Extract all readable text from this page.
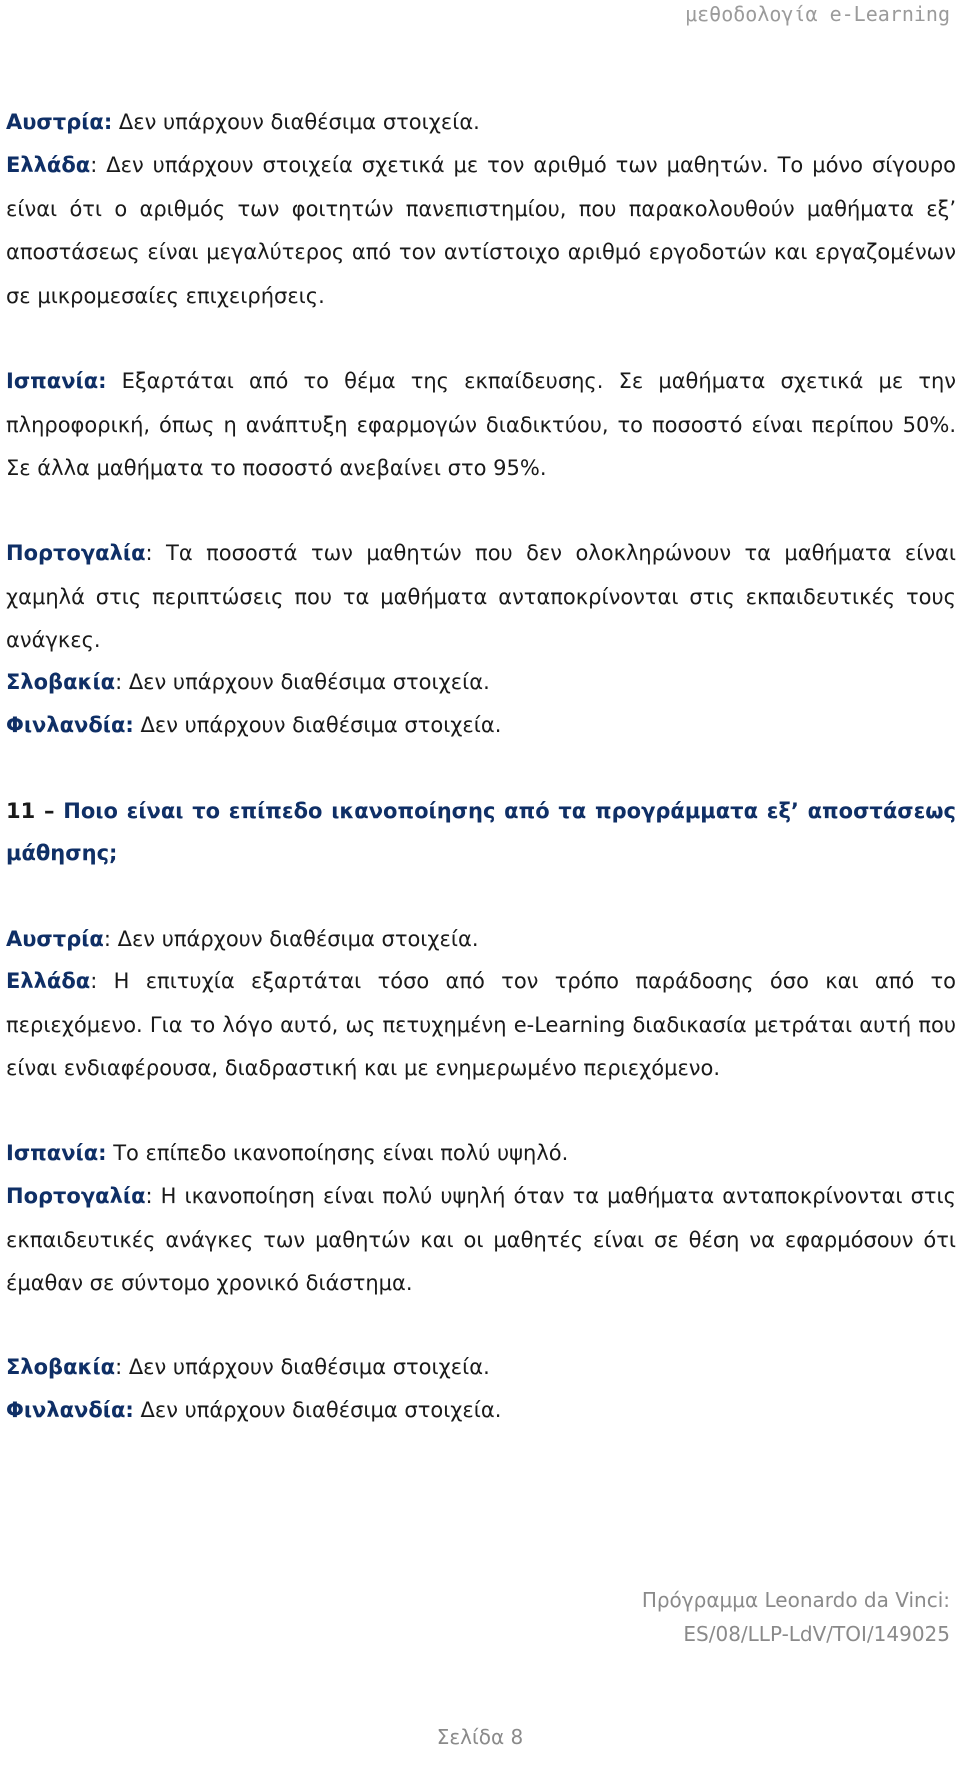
μεθοδολογία e-Learning

Αυστρία: Δεν υπάρχουν διαθέσιμα στοιχεία.

Ελλάδα: Δεν υπάρχουν στοιχεία σχετικά με τον αριθμό των μαθητών. Το μόνο σίγουρο είναι ότι ο αριθμός των φοιτητών πανεπιστημίου, που παρακολουθούν μαθήματα εξ’ αποστάσεως είναι μεγαλύτερος από τον αντίστοιχο αριθμό εργοδοτών και εργαζομένων σε μικρομεσαίες επιχειρήσεις.

Ισπανία: Εξαρτάται από το θέμα της εκπαίδευσης. Σε μαθήματα σχετικά με την πληροφορική, όπως η ανάπτυξη εφαρμογών διαδικτύου, το ποσοστό είναι περίπου 50%. Σε άλλα μαθήματα το ποσοστό ανεβαίνει στο 95%.

Πορτογαλία: Τα ποσοστά των μαθητών που δεν ολοκληρώνουν τα μαθήματα είναι χαμηλά στις περιπτώσεις που τα μαθήματα ανταποκρίνονται στις εκπαιδευτικές τους ανάγκες.

Σλοβακία: Δεν υπάρχουν διαθέσιμα στοιχεία.

Φινλανδία: Δεν υπάρχουν διαθέσιμα στοιχεία.

11 – Ποιο είναι το επίπεδο ικανοποίησης από τα προγράμματα εξ’ αποστάσεως μάθησης;

Αυστρία: Δεν υπάρχουν διαθέσιμα στοιχεία.

Ελλάδα: Η επιτυχία εξαρτάται τόσο από τον τρόπο παράδοσης όσο και από το περιεχόμενο. Για το λόγο αυτό, ως πετυχημένη e-Learning διαδικασία μετράται αυτή που είναι ενδιαφέρουσα, διαδραστική και με ενημερωμένο περιεχόμενο.

Ισπανία: Το επίπεδο ικανοποίησης είναι πολύ υψηλό.

Πορτογαλία: Η ικανοποίηση είναι πολύ υψηλή όταν τα μαθήματα ανταποκρίνονται στις εκπαιδευτικές ανάγκες των μαθητών και οι μαθητές είναι σε θέση να εφαρμόσουν ότι έμαθαν σε σύντομο χρονικό διάστημα.

Σλοβακία: Δεν υπάρχουν διαθέσιμα στοιχεία.

Φινλανδία: Δεν υπάρχουν διαθέσιμα στοιχεία.

Πρόγραμμα Leonardo da Vinci:
ES/08/LLP-LdV/TOI/149025
Σελίδα 8
